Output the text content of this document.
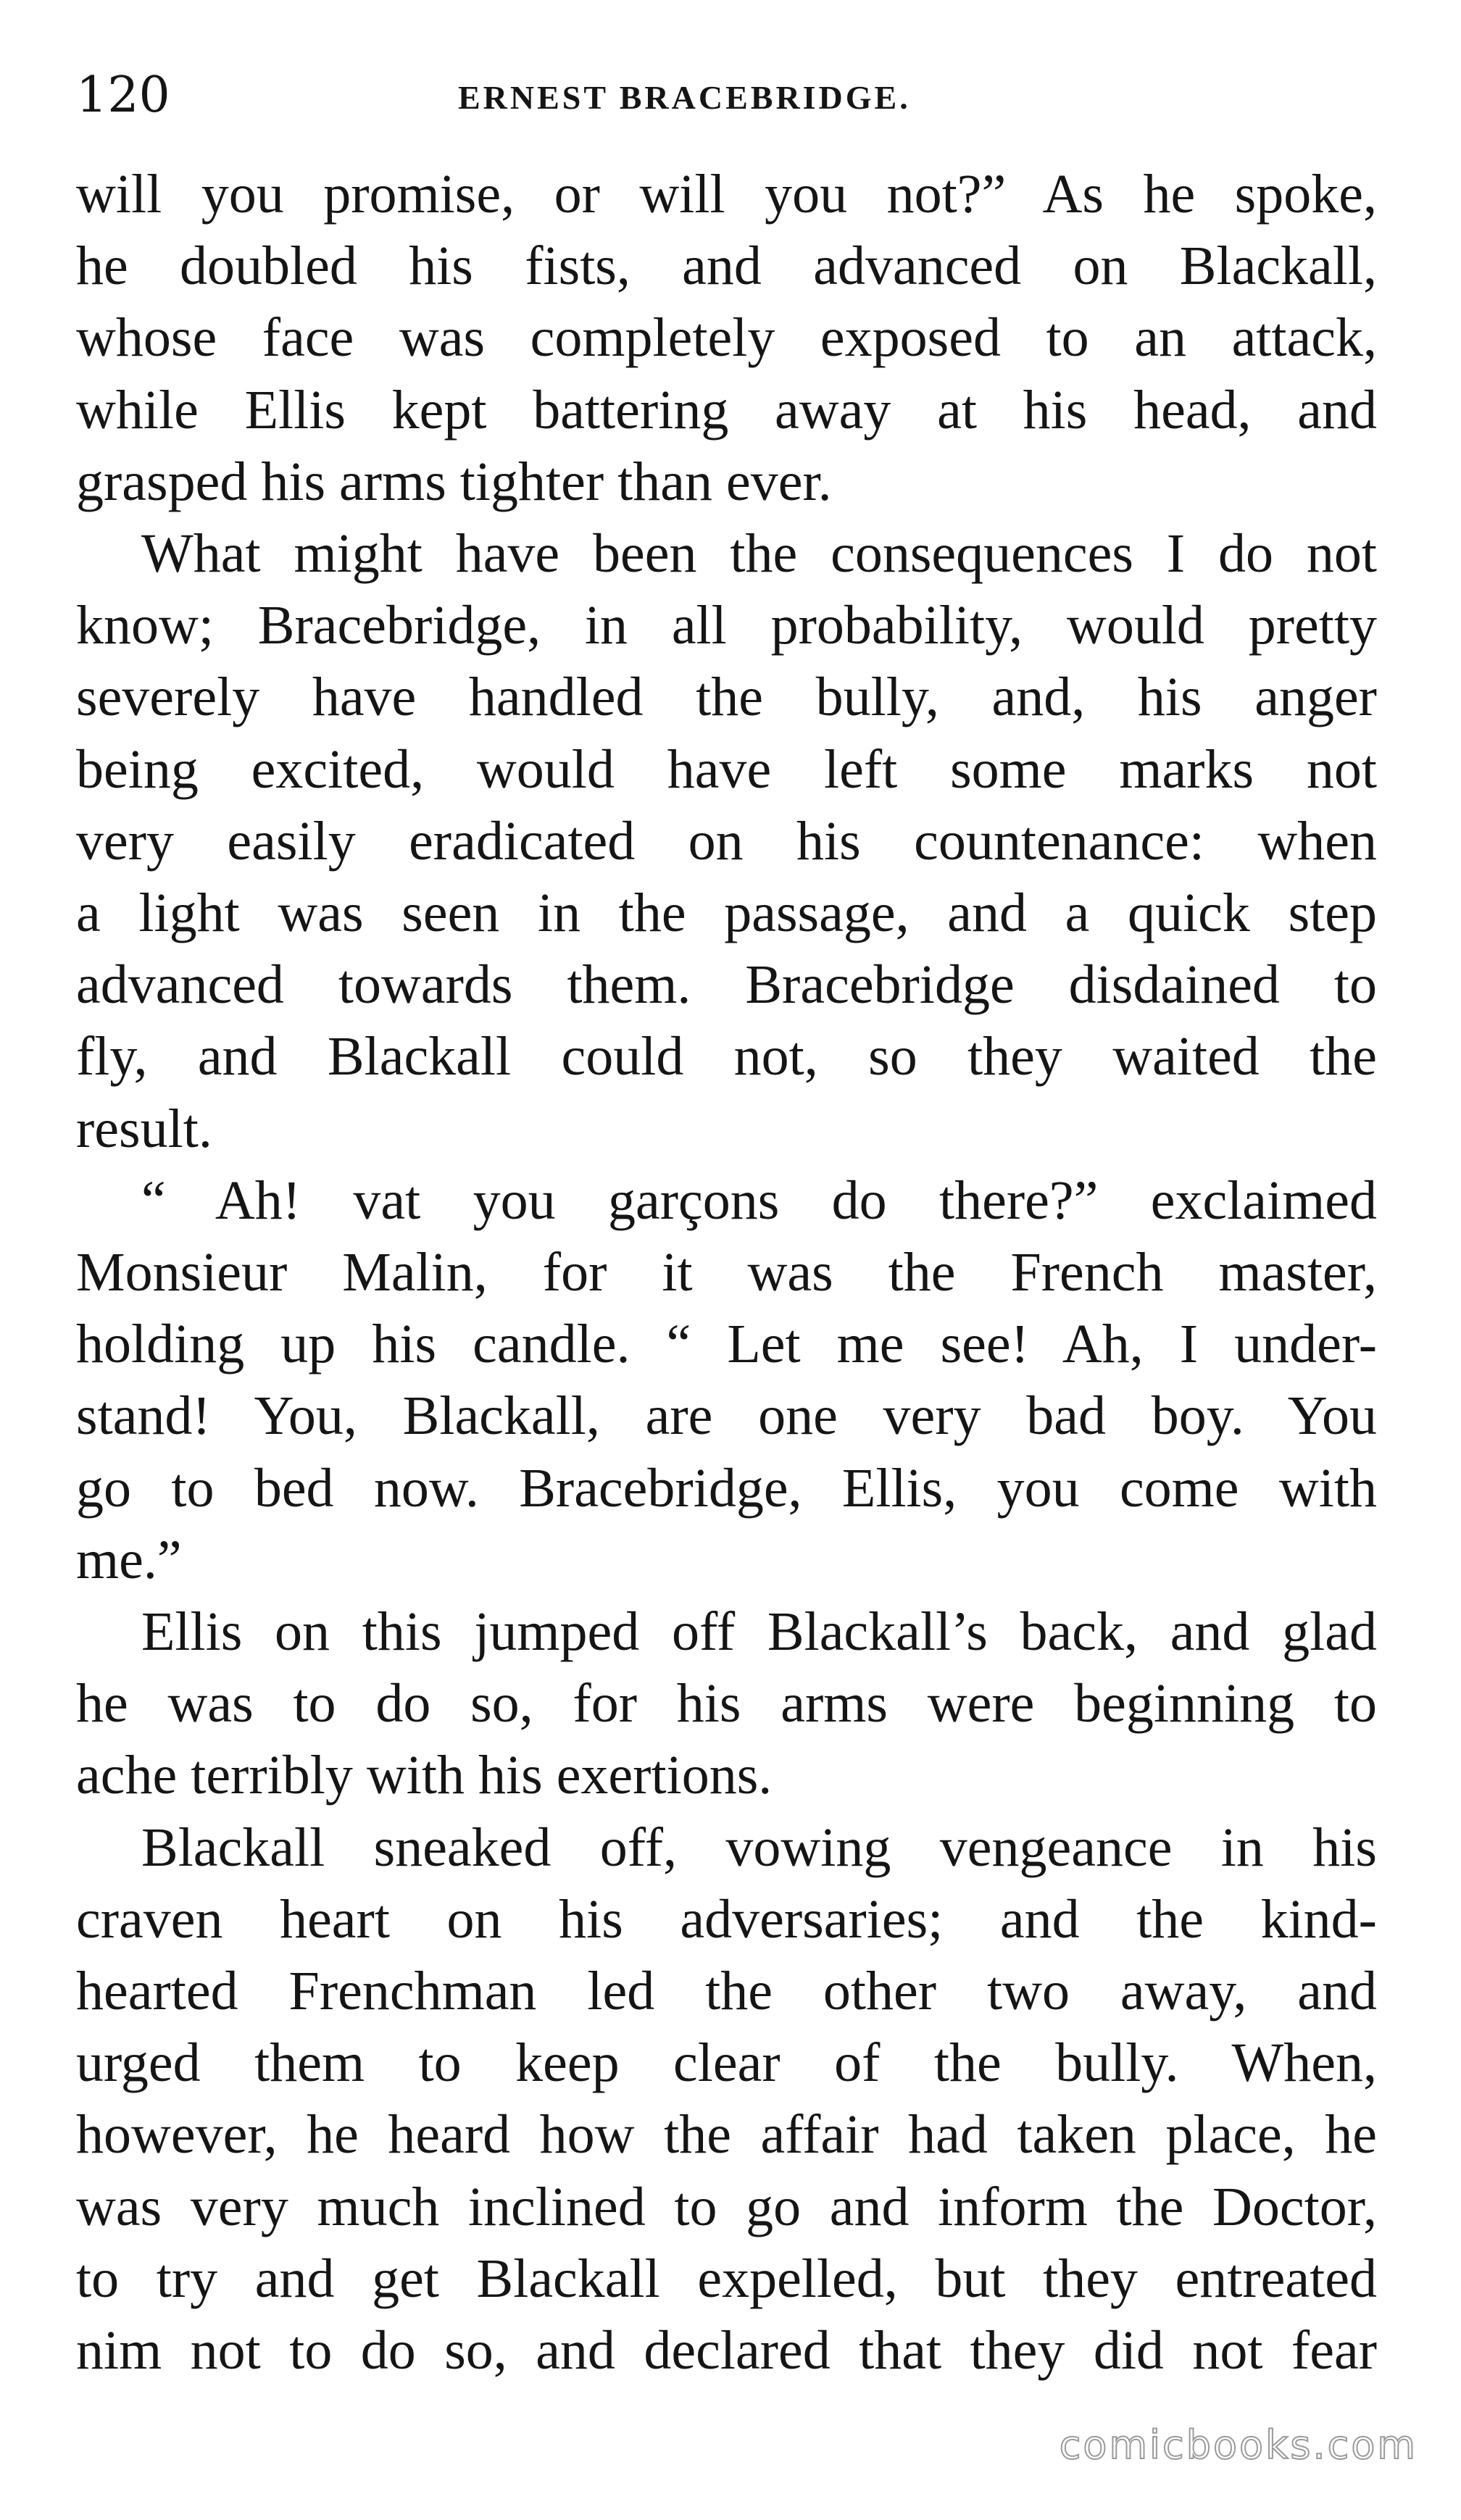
120	ERNEST BRACEBRIDGE.
will you promise, or will you not?” As he spoke,
he doubled his fists, and advanced on Blackall,
whose face was completely exposed to an attack,
while Ellis kept battering away at his head, and
grasped his arms tighter than ever.
What might have been the consequences I do not
know; Bracebridge, in all probability, would pretty
severely have handled the bully, and, his anger
being excited, would have left some marks not
very easily eradicated on his countenance: when
a light was seen in the passage, and a quick step
advanced towards them. Bracebridge disdained to
fly, and Blackall could not, so they waited the
result.
“ Ah! vat you garçons do there?” exclaimed
Monsieur Malin, for it was the French master,
holding up his candle. “ Let me see! Ah, I under-
stand! You, Blackall, are one very bad boy. You
go to bed now. Bracebridge, Ellis, you come with
me.”
Ellis on this jumped off Blackall’s back, and glad
he was to do so, for his arms were beginning to
ache terribly with his exertions.
Blackall sneaked off, vowing vengeance in his
craven heart on his adversaries; and the kind-
hearted Frenchman led the other two away, and
urged them to keep clear of the bully. When,
however, he heard how the affair had taken place, he
was very much inclined to go and inform the Doctor,
to try and get Blackall expelled, but they entreated
nim not to do so, and declared that they did not fear
comicbooks.com
